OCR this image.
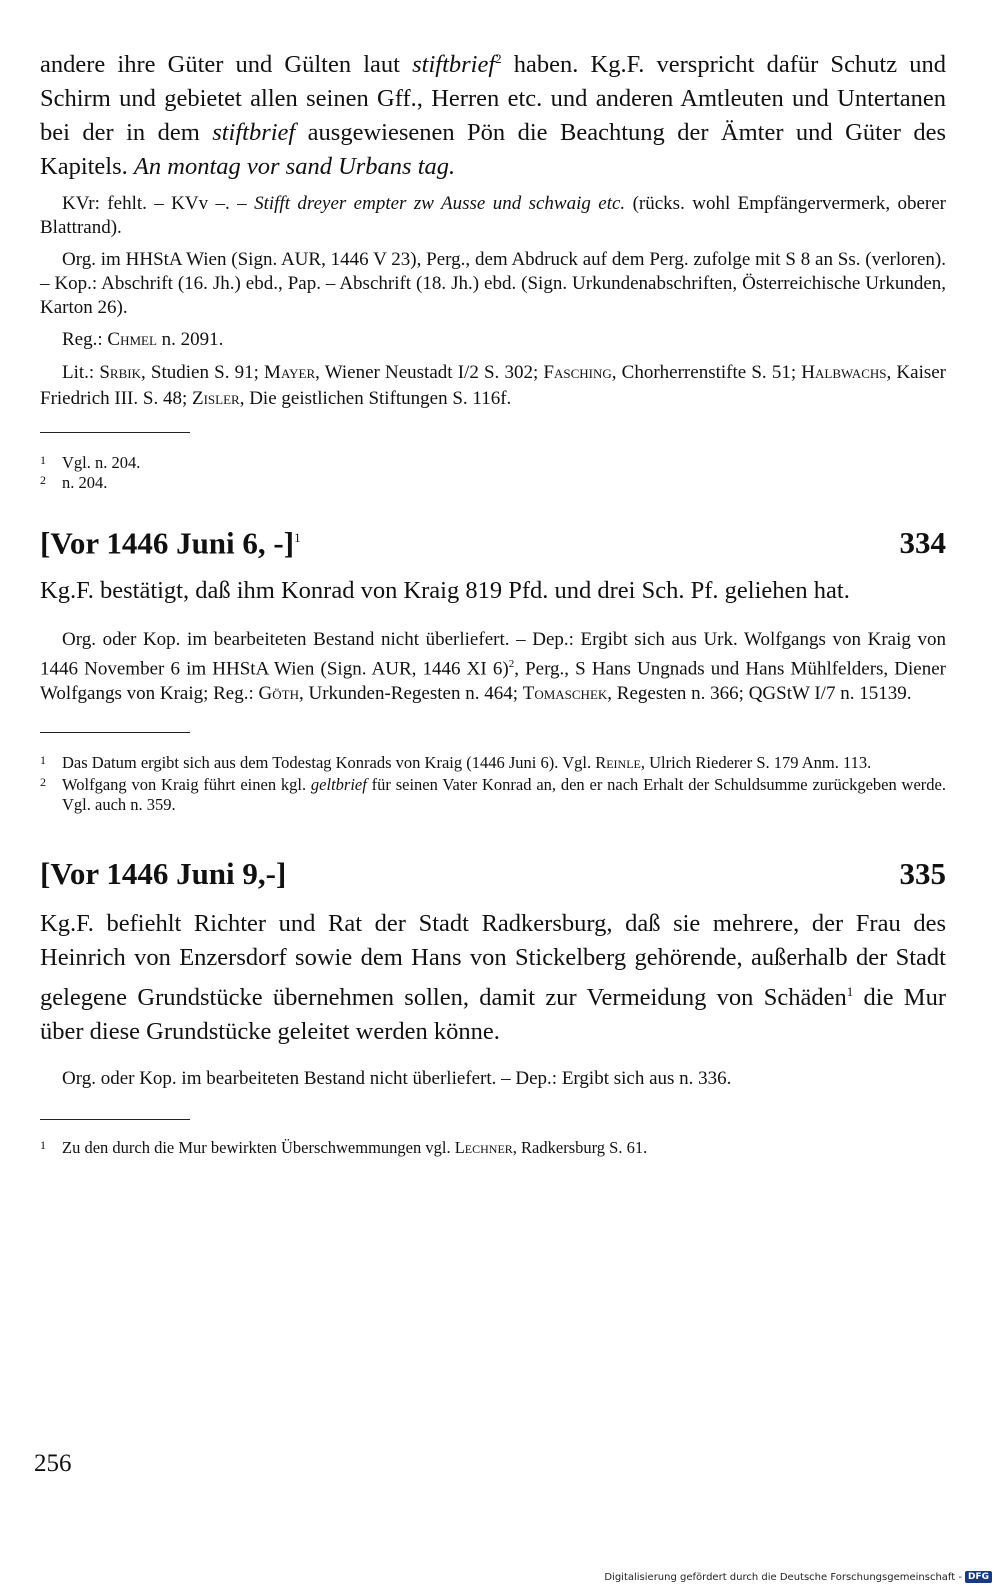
andere ihre Güter und Gülten laut stiftbrief$^2$ haben. Kg.F. verspricht dafür Schutz und Schirm und gebietet allen seinen Gff., Herren etc. und anderen Amtleuten und Untertanen bei der in dem stiftbrief ausgewiesenen Pön die Beachtung der Ämter und Güter des Kapitels. An montag vor sand Urbans tag.

KVr: fehlt. – KVv –. – Stifft dreyer empter zw Ausse und schwaig etc. (rücks. wohl Empfängervermerk, oberer Blattrand).

Org. im HHStA Wien (Sign. AUR, 1446 V 23), Perg., dem Abdruck auf dem Perg. zufolge mit S 8 an Ss. (verloren). – Kop.: Abschrift (16. Jh.) ebd., Pap. – Abschrift (18. Jh.) ebd. (Sign. Urkundenabschriften, Österreichische Urkunden, Karton 26).

Reg.: Chmel n. 2091.

Lit.: Srbik, Studien S. 91; Mayer, Wiener Neustadt I/2 S. 302; Fasching, Chorherrenstifte S. 51; Halbwachs, Kaiser Friedrich III. S. 48; Zisler, Die geistlichen Stiftungen S. 116f.

1 Vgl. n. 204.

2 n. 204.

[Vor 1446 Juni 6, -]$^1$	334

Kg.F. bestätigt, daß ihm Konrad von Kraig 819 Pfd. und drei Sch. Pf. geliehen hat.

Org. oder Kop. im bearbeiteten Bestand nicht überliefert. – Dep.: Ergibt sich aus Urk. Wolfgangs von Kraig von 1446 November 6 im HHStA Wien (Sign. AUR, 1446 XI 6)$^2$, Perg., S Hans Ungnads und Hans Mühlfelders, Diener Wolfgangs von Kraig; Reg.: Göth, Urkunden-Regesten n. 464; Tomaschek, Regesten n. 366; QGStW I/7 n. 15139.

1 Das Datum ergibt sich aus dem Todestag Konrads von Kraig (1446 Juni 6). Vgl. Reinle, Ulrich Riederer S. 179 Anm. 113.

2 Wolfgang von Kraig führt einen kgl. geltbrief für seinen Vater Konrad an, den er nach Erhalt der Schuldsumme zurückgeben werde. Vgl. auch n. 359.

[Vor 1446 Juni 9,-]	335

Kg.F. befiehlt Richter und Rat der Stadt Radkersburg, daß sie mehrere, der Frau des Heinrich von Enzersdorf sowie dem Hans von Stickelberg gehörende, außerhalb der Stadt gelegene Grundstücke übernehmen sollen, damit zur Vermeidung von Schäden$^1$ die Mur über diese Grundstücke geleitet werden könne.

Org. oder Kop. im bearbeiteten Bestand nicht überliefert. – Dep.: Ergibt sich aus n. 336.

1 Zu den durch die Mur bewirkten Überschwemmungen vgl. Lechner, Radkersburg S. 61.

256
Digitalisierung gefördert durch die Deutsche Forschungsgemeinschaft - DFG
